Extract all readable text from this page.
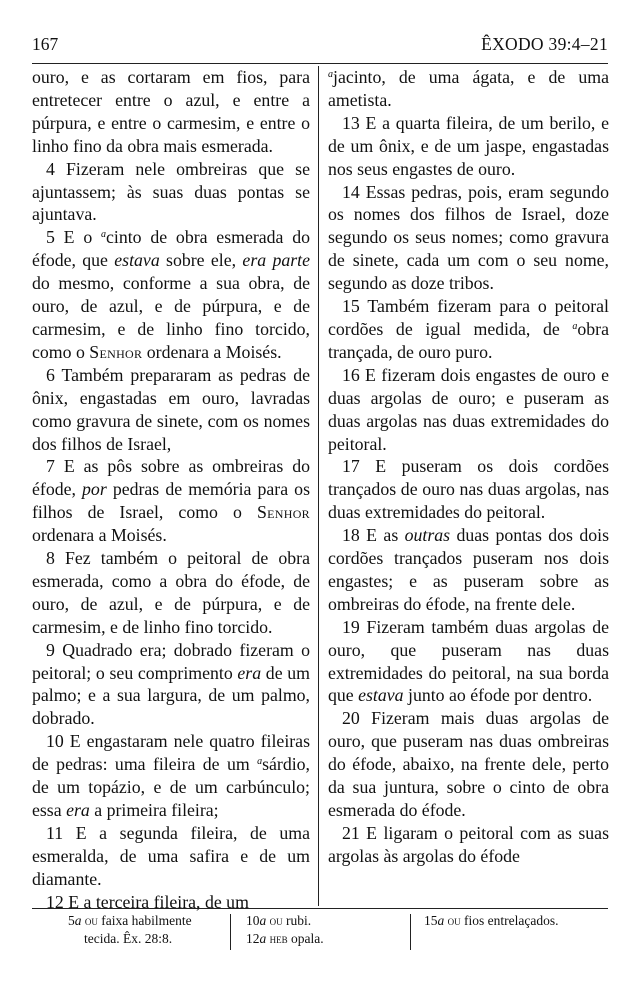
167	ÊXODO 39:4–21

ouro, e as cortaram em fios, para entretecer entre o azul, e entre a púrpura, e entre o carmesim, e entre o linho fino da obra mais esmerada.

4 Fizeram nele ombreiras que se ajuntassem; às suas duas pontas se ajuntava.

5 E o $^a$cinto de obra esmerada do éfode, que estava sobre ele, era parte do mesmo, conforme a sua obra, de ouro, de azul, e de púrpura, e de carmesim, e de linho fino torcido, como o Senhor ordenara a Moisés.

6 Também prepararam as pedras de ônix, engastadas em ouro, lavradas como gravura de sinete, com os nomes dos filhos de Israel,

7 E as pôs sobre as ombreiras do éfode, por pedras de memória para os filhos de Israel, como o Senhor ordenara a Moisés.

8 Fez também o peitoral de obra esmerada, como a obra do éfode, de ouro, de azul, e de púrpura, e de carmesim, e de linho fino torcido.

9 Quadrado era; dobrado fizeram o peitoral; o seu comprimento era de um palmo; e a sua largura, de um palmo, dobrado.

10 E engastaram nele quatro fileiras de pedras: uma fileira de um $^a$sárdio, de um topázio, e de um carbúnculo; essa era a primeira fileira;

11 E a segunda fileira, de uma esmeralda, de uma safira e de um diamante.

12 E a terceira fileira, de um

$^a$jacinto, de uma ágata, e de uma ametista.

13 E a quarta fileira, de um berilo, e de um ônix, e de um jaspe, engastadas nos seus engastes de ouro.

14 Essas pedras, pois, eram segundo os nomes dos filhos de Israel, doze segundo os seus nomes; como gravura de sinete, cada um com o seu nome, segundo as doze tribos.

15 Também fizeram para o peitoral cordões de igual medida, de $^a$obra trançada, de ouro puro.

16 E fizeram dois engastes de ouro e duas argolas de ouro; e puseram as duas argolas nas duas extremidades do peitoral.

17 E puseram os dois cordões trançados de ouro nas duas argolas, nas duas extremidades do peitoral.

18 E as outras duas pontas dos dois cordões trançados puseram nos dois engastes; e as puseram sobre as ombreiras do éfode, na frente dele.

19 Fizeram também duas argolas de ouro, que puseram nas duas extremidades do peitoral, na sua borda que estava junto ao éfode por dentro.

20 Fizeram mais duas argolas de ouro, que puseram nas duas ombreiras do éfode, abaixo, na frente dele, perto da sua juntura, sobre o cinto de obra esmerada do éfode.

21 E ligaram o peitoral com as suas argolas às argolas do éfode

5a ou faixa habilmente
tecida. Êx. 28:8.
10a ou rubi.
12a heb opala.
15a ou fios entrelaçados.
